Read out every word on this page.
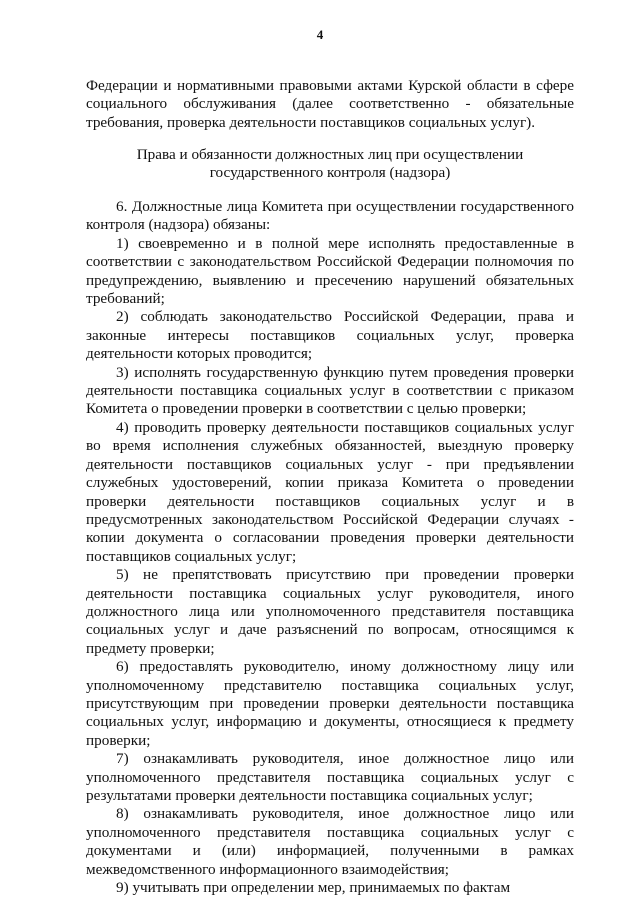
4

Федерации и нормативными правовыми актами Курской области в сфере

социального обслуживания (далее соответственно - обязательные

требования, проверка деятельности поставщиков социальных услуг).

Права и обязанности должностных лиц при осуществлении
государственного контроля (надзора)

6. Должностные лица Комитета при осуществлении государственного

контроля (надзора) обязаны:

1) своевременно и в полной мере исполнять предоставленные в

соответствии с законодательством Российской Федерации полномочия по

предупреждению, выявлению и пресечению нарушений обязательных

требований;

2) соблюдать законодательство Российской Федерации, права и

законные интересы поставщиков социальных услуг, проверка

деятельности которых проводится;

3) исполнять государственную функцию путем проведения проверки

деятельности поставщика социальных услуг в соответствии с приказом

Комитета о проведении проверки в соответствии с целью проверки;

4) проводить проверку деятельности поставщиков социальных услуг

во время исполнения служебных обязанностей, выездную проверку

деятельности поставщиков социальных услуг - при предъявлении

служебных удостоверений, копии приказа Комитета о проведении

проверки деятельности поставщиков социальных услуг и в

предусмотренных законодательством Российской Федерации случаях -

копии документа о согласовании проведения проверки деятельности

поставщиков социальных услуг;

5) не препятствовать присутствию при проведении проверки

деятельности поставщика социальных услуг руководителя, иного

должностного лица или уполномоченного представителя поставщика

социальных услуг и даче разъяснений по вопросам, относящимся к

предмету проверки;

6) предоставлять руководителю, иному должностному лицу или

уполномоченному представителю поставщика социальных услуг,

присутствующим при проведении проверки деятельности поставщика

социальных услуг, информацию и документы, относящиеся к предмету

проверки;

7) ознакамливать руководителя, иное должностное лицо или

уполномоченного представителя поставщика социальных услуг с

результатами проверки деятельности поставщика социальных услуг;

8) ознакамливать руководителя, иное должностное лицо или

уполномоченного представителя поставщика социальных услуг с

документами и (или) информацией, полученными в рамках

межведомственного информационного взаимодействия;

9) учитывать при определении мер, принимаемых по фактам
